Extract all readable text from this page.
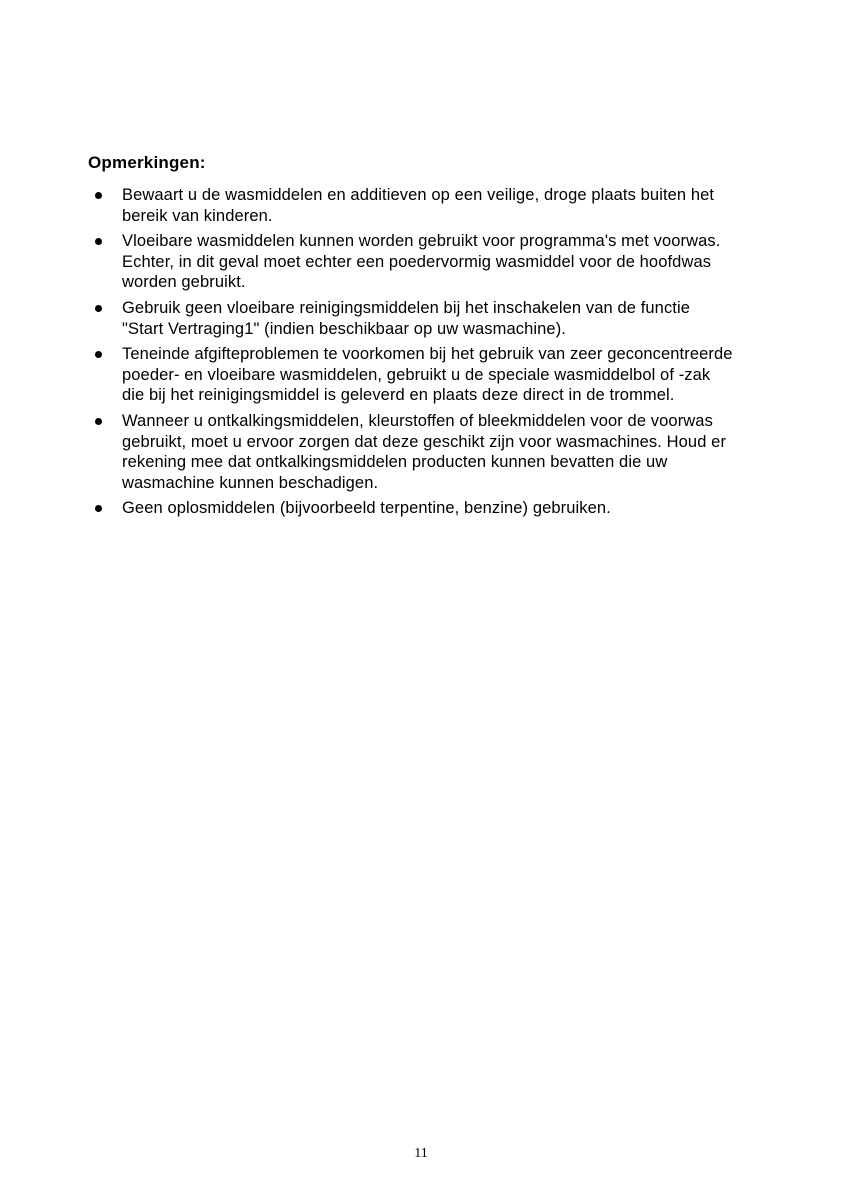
Opmerkingen:

Bewaart u de wasmiddelen en additieven op een veilige, droge plaats buiten het bereik van kinderen.
Vloeibare wasmiddelen kunnen worden gebruikt voor programma's met voorwas. Echter, in dit geval moet echter een poedervormig wasmiddel voor de hoofdwas worden gebruikt.
Gebruik geen vloeibare reinigingsmiddelen bij het inschakelen van de functie "Start Vertraging1" (indien beschikbaar op uw wasmachine).
Teneinde afgifteproblemen te voorkomen bij het gebruik van zeer geconcentreerde poeder- en vloeibare wasmiddelen, gebruikt u de speciale wasmiddelbol of -zak die bij het reinigingsmiddel is geleverd en plaats deze direct in de trommel.
Wanneer u ontkalkingsmiddelen, kleurstoffen of bleekmiddelen voor de voorwas gebruikt, moet u ervoor zorgen dat deze geschikt zijn voor wasmachines. Houd er rekening mee dat ontkalkingsmiddelen producten kunnen bevatten die uw wasmachine kunnen beschadigen.
Geen oplosmiddelen (bijvoorbeeld terpentine, benzine) gebruiken.
11
